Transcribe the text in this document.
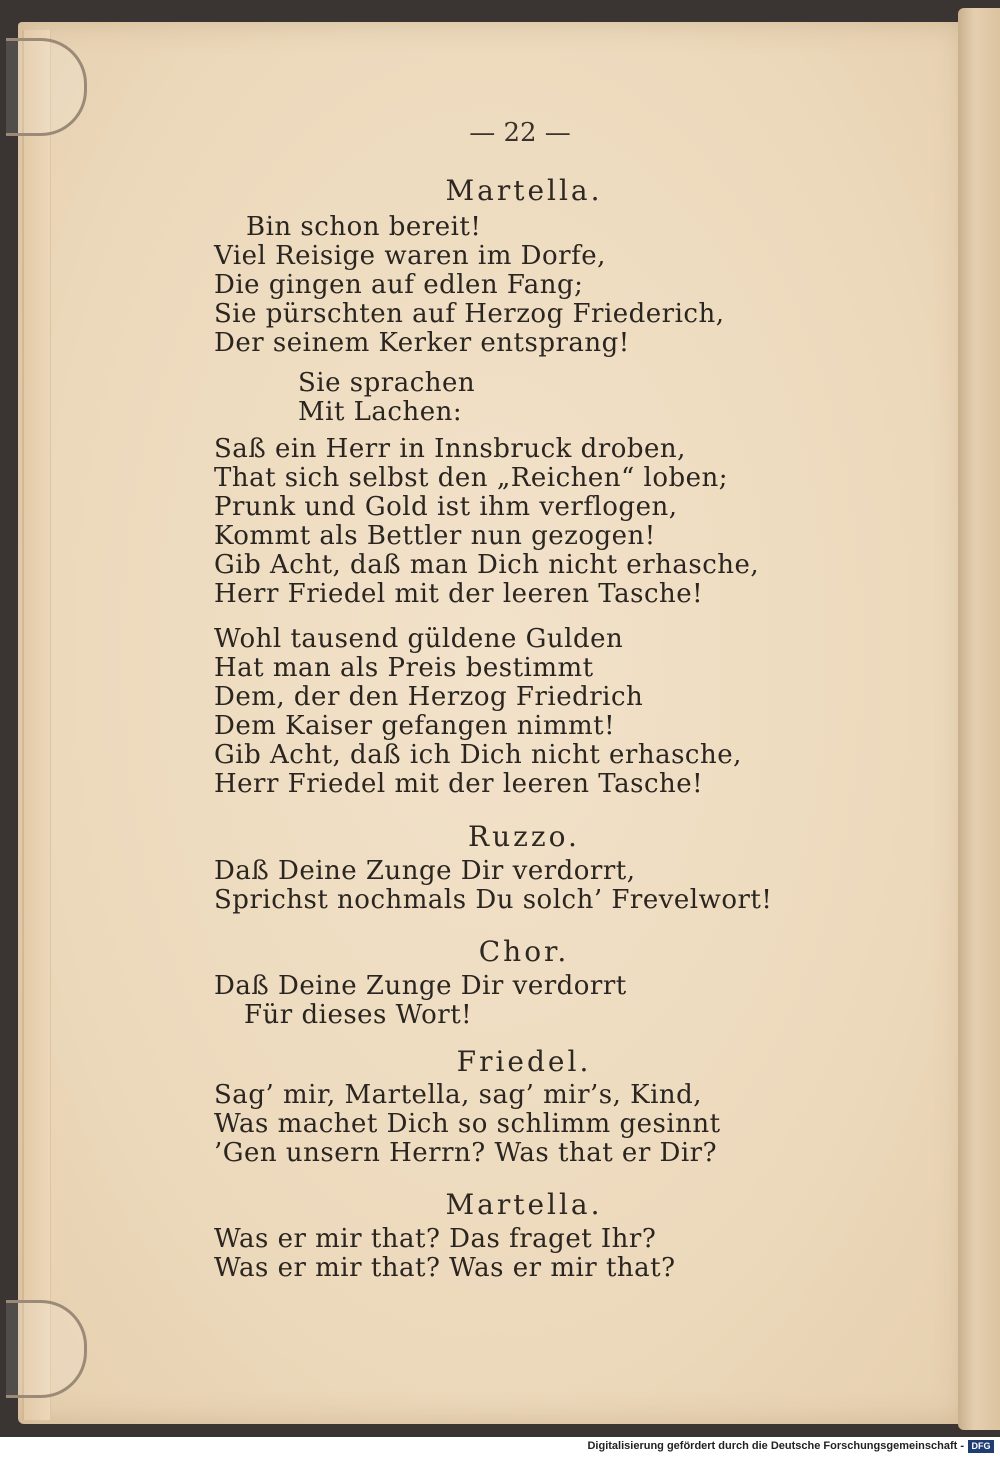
— 22 —
Martella.
Bin schon bereit!
Viel Reisige waren im Dorfe,
Die gingen auf edlen Fang;
Sie pürschten auf Herzog Friederich,
Der seinem Kerker entsprang!
Sie sprachen
Mit Lachen:
Saß ein Herr in Innsbruck droben,
That sich selbst den „Reichen“ loben;
Prunk und Gold ist ihm verflogen,
Kommt als Bettler nun gezogen!
Gib Acht, daß man Dich nicht erhasche,
Herr Friedel mit der leeren Tasche!
Wohl tausend güldene Gulden
Hat man als Preis bestimmt
Dem, der den Herzog Friedrich
Dem Kaiser gefangen nimmt!
Gib Acht, daß ich Dich nicht erhasche,
Herr Friedel mit der leeren Tasche!
Ruzzo.
Daß Deine Zunge Dir verdorrt,
Sprichst nochmals Du solch’ Frevelwort!
Chor.
Daß Deine Zunge Dir verdorrt
Für dieses Wort!
Friedel.
Sag’ mir, Martella, sag’ mir’s, Kind,
Was machet Dich so schlimm gesinnt
’Gen unsern Herrn? Was that er Dir?
Martella.
Was er mir that? Das fraget Ihr?
Was er mir that? Was er mir that?
Digitalisierung gefördert durch die Deutsche Forschungsgemeinschaft - DFG
